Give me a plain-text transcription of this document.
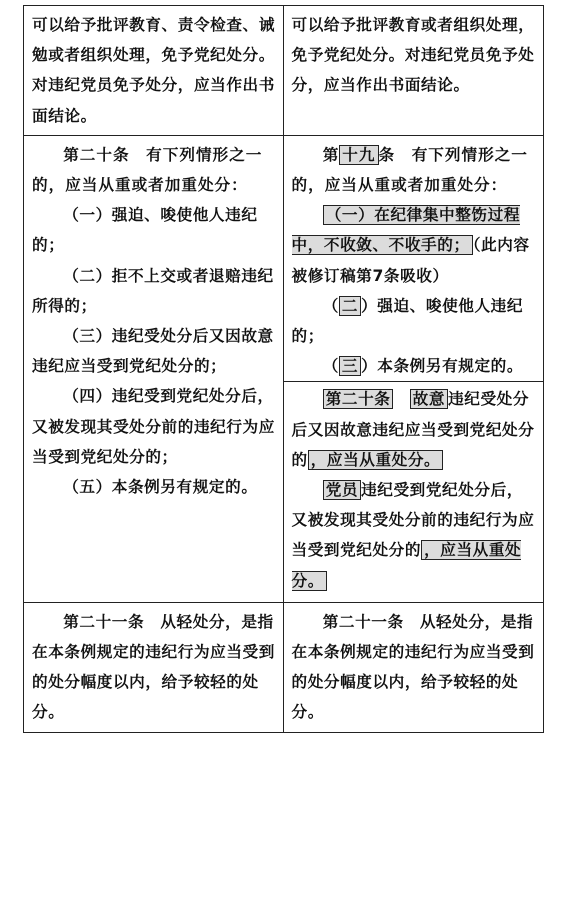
可以给予批评教育、责令检查、诫勉或者组织处理，免予党纪处分。对违纪党员免予处分，应当作出书面结论。

可以给予批评教育或者组织处理，免予党纪处分。对违纪党员免予处分，应当作出书面结论。

第二十条　有下列情形之一的，应当从重或者加重处分：

（一）强迫、唆使他人违纪的；

（二）拒不上交或者退赔违纪所得的；

（三）违纪受处分后又因故意违纪应当受到党纪处分的；

（四）违纪受到党纪处分后，又被发现其受处分前的违纪行为应当受到党纪处分的；

（五）本条例另有规定的。

第 十九 条　有下列情形之一的，应当从重或者加重处分：

（一）在纪律集中整饬过程中，不收敛、不收手的； （此内容被修订稿第7条吸收）

（ 二 ）强迫、唆使他人违纪的；

（ 三 ）本条例另有规定的。

第二十条　 故意 违纪受处分后又因故意违纪应当受到党纪处分的 ，应当从重处分。

党员 违纪受到党纪处分后，又被发现其受处分前的违纪行为应当受到党纪处分的 ，应当从重处分。

第二十一条　从轻处分，是指在本条例规定的违纪行为应当受到的处分幅度以内，给予较轻的处分。

第二十一条　从轻处分，是指在本条例规定的违纪行为应当受到的处分幅度以内，给予较轻的处分。
